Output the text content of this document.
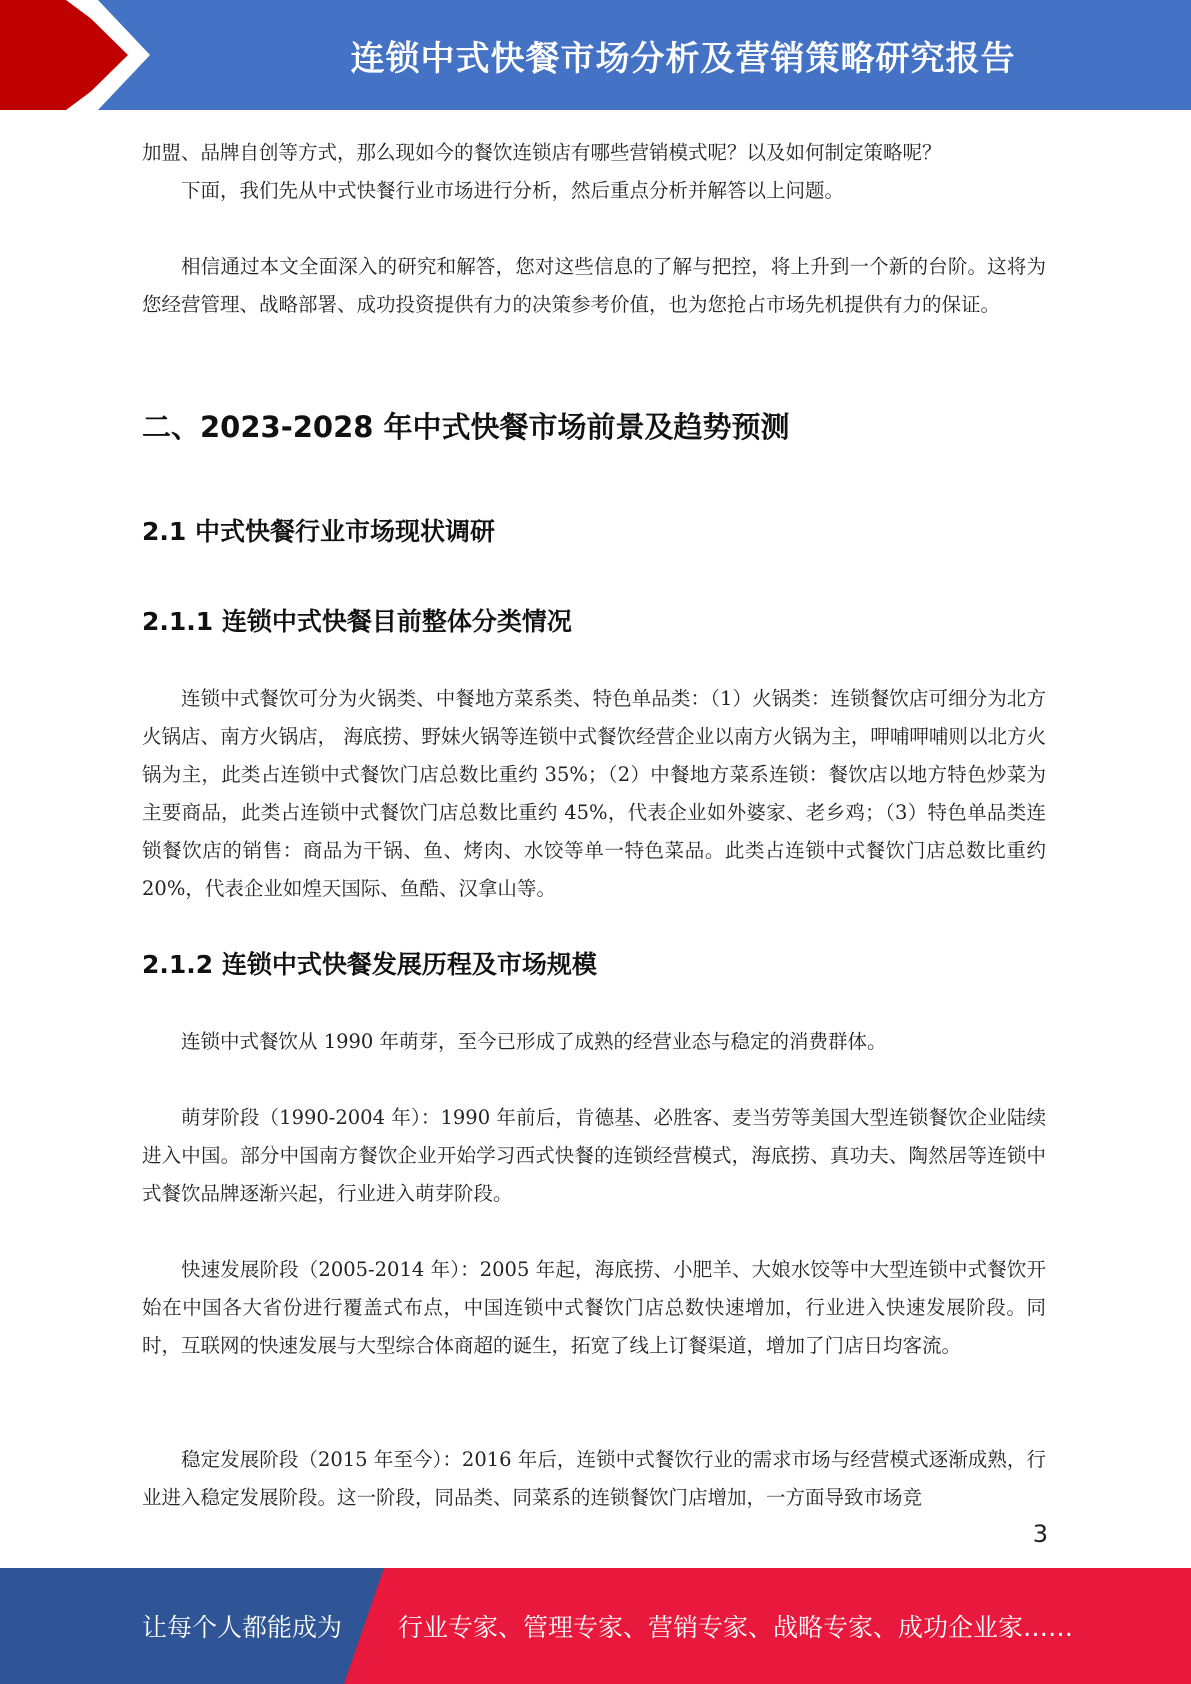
连锁中式快餐市场分析及营销策略研究报告

加盟、品牌自创等方式，那么现如今的餐饮连锁店有哪些营销模式呢？以及如何制定策略呢？

下面，我们先从中式快餐行业市场进行分析，然后重点分析并解答以上问题。

相信通过本文全面深入的研究和解答，您对这些信息的了解与把控，将上升到一个新的台阶。这将为您经营管理、战略部署、成功投资提供有力的决策参考价值，也为您抢占市场先机提供有力的保证。

二、2023-2028 年中式快餐市场前景及趋势预测
2.1 中式快餐行业市场现状调研
2.1.1 连锁中式快餐目前整体分类情况

连锁中式餐饮可分为火锅类、中餐地方菜系类、特色单品类：（1）火锅类：连锁餐饮店可细分为北方火锅店、南方火锅店， 海底捞、野妹火锅等连锁中式餐饮经营企业以南方火锅为主，呷哺呷哺则以北方火锅为主，此类占连锁中式餐饮门店总数比重约 35%；（2）中餐地方菜系连锁：餐饮店以地方特色炒菜为主要商品，此类占连锁中式餐饮门店总数比重约 45%，代表企业如外婆家、老乡鸡；（3）特色单品类连锁餐饮店的销售：商品为干锅、鱼、烤肉、水饺等单一特色菜品。此类占连锁中式餐饮门店总数比重约 20%，代表企业如煌天国际、鱼酷、汉拿山等。

2.1.2 连锁中式快餐发展历程及市场规模

连锁中式餐饮从 1990 年萌芽，至今已形成了成熟的经营业态与稳定的消费群体。

萌芽阶段（1990-2004 年）：1990 年前后，肯德基、必胜客、麦当劳等美国大型连锁餐饮企业陆续进入中国。部分中国南方餐饮企业开始学习西式快餐的连锁经营模式，海底捞、真功夫、陶然居等连锁中式餐饮品牌逐渐兴起，行业进入萌芽阶段。

快速发展阶段（2005-2014 年）：2005 年起，海底捞、小肥羊、大娘水饺等中大型连锁中式餐饮开始在中国各大省份进行覆盖式布点，中国连锁中式餐饮门店总数快速增加，行业进入快速发展阶段。同时，互联网的快速发展与大型综合体商超的诞生，拓宽了线上订餐渠道，增加了门店日均客流。

稳定发展阶段（2015 年至今）：2016 年后，连锁中式餐饮行业的需求市场与经营模式逐渐成熟，行业进入稳定发展阶段。这一阶段，同品类、同菜系的连锁餐饮门店增加，一方面导致市场竞

3
让每个人都能成为 行业专家、管理专家、营销专家、战略专家、成功企业家……
